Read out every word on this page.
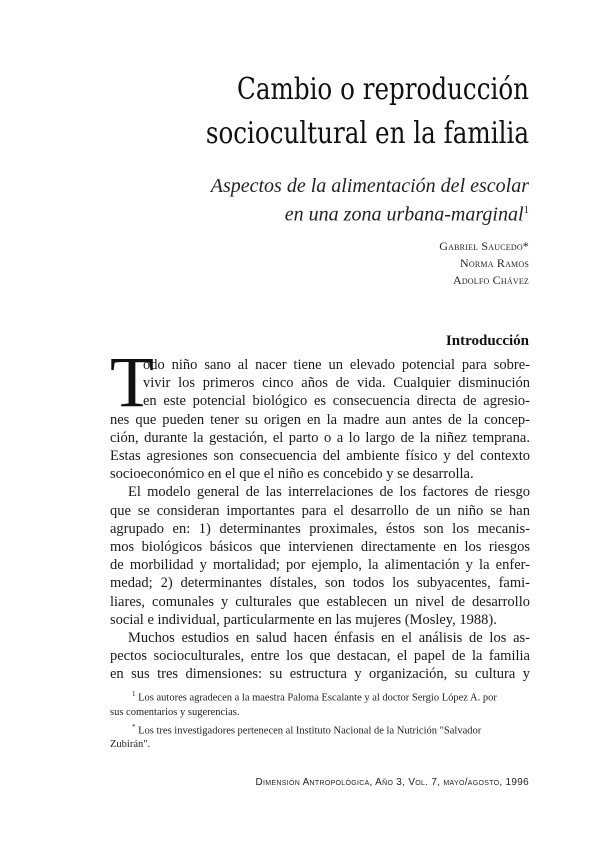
Cambio o reproducción
sociocultural en la familia
Aspectos de la alimentación del escolar
en una zona urbana-marginal$^1$
Gabriel Saucedo*
Norma Ramos
Adolfo Chávez
Introducción
T
odo niño sano al nacer tiene un elevado potencial para sobre-
vivir los primeros cinco años de vida. Cualquier disminución
en este potencial biológico es consecuencia directa de agresio-
nes que pueden tener su origen en la madre aun antes de la concep-
ción, durante la gestación, el parto o a lo largo de la niñez temprana.
Estas agresiones son consecuencia del ambiente físico y del contexto
socioeconómico en el que el niño es concebido y se desarrolla.
El modelo general de las interrelaciones de los factores de riesgo
que se consideran importantes para el desarrollo de un niño se han
agrupado en: 1) determinantes proximales, éstos son los mecanis-
mos biológicos básicos que intervienen directamente en los riesgos
de morbilidad y mortalidad; por ejemplo, la alimentación y la enfer-
medad; 2) determinantes dístales, son todos los subyacentes, fami-
liares, comunales y culturales que establecen un nivel de desarrollo
social e individual, particularmente en las mujeres (Mosley, 1988).
Muchos estudios en salud hacen énfasis en el análisis de los as-
pectos socioculturales, entre los que destacan, el papel de la familia
en sus tres dimensiones: su estructura y organización, su cultura y
$^1$ Los autores agradecen a la maestra Paloma Escalante y al doctor Sergio López A. por
sus comentarios y sugerencias.
* Los tres investigadores pertenecen al Instituto Nacional de la Nutrición "Salvador
Zubirán".
Dimensión Antropológica, Año 3, Vol. 7, mayo/agosto, 1996
